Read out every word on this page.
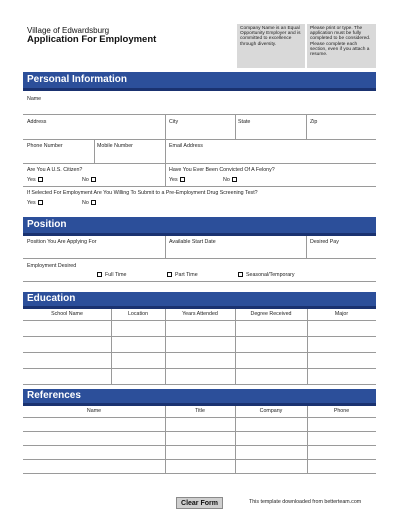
Village of Edwardsburg
Application For Employment
Company Name is an Equal Opportunity Employer and is committed to excellence through diversity.
Please print or type. The application must be fully completed to be considered. Please complete each section, even if you attach a resume.
Personal Information
Name
Address	City	State	Zip
Phone Number	Mobile Number	Email Address
Are You A U.S. Citizen?	Have You Ever Been Convicted Of A Felony?
Yes	No	Yes	No
If Selected For Employment Are You Willing To Submit to a Pre-Employment Drug Screening Test?
Yes	No
Position
Position You Are Applying For	Available Start Date	Desired Pay
Employment Desired
Full Time	Part Time	Seasonal/Temporary
Education
School Name	Location	Years Attended	Degree Received	Major
References
Name	Title	Company	Phone
Clear Form	This template downloaded from betterteam.com
